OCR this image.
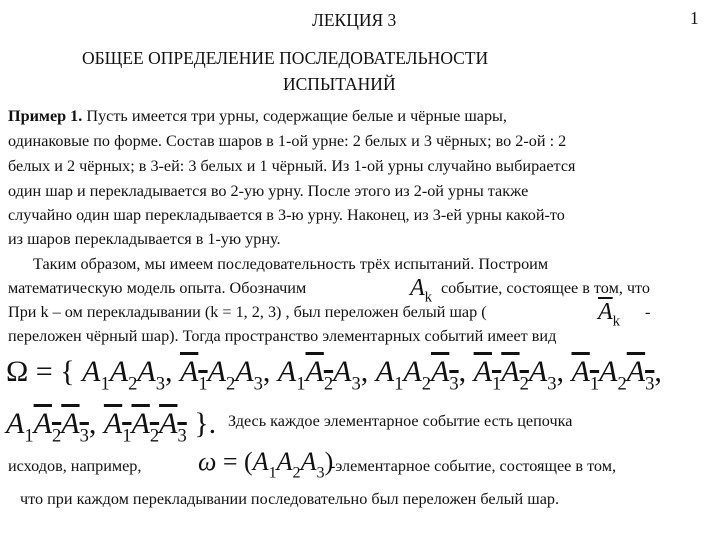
ЛЕКЦИЯ 3	1
ОБЩЕЕ ОПРЕДЕЛЕНИЕ ПОСЛЕДОВАТЕЛЬНОСТИ
ИСПЫТАНИЙ
Пример 1. Пусть имеется три урны, содержащие белые и чёрные шары,
одинаковые по форме. Состав шаров в 1-ой урне: 2 белых и 3 чёрных; во 2-ой : 2
белых и 2 чёрных; в 3-ей: 3 белых и 1 чёрный. Из 1-ой урны случайно выбирается
один шар и перекладывается во 2-ую урну. После этого из 2-ой урны также
случайно один шар перекладывается в 3-ю урну. Наконец, из 3-ей урны какой-то
из шаров перекладывается в 1-ую урну.
Таким образом, мы имеем последовательность трёх испытаний. Построим
математическую модель опыта. Обозначим	$A_k$
событие, состоящее в том, что
При k – ом перекладывании (k = 1, 2, 3) , был переложен белый шар (	$\overline{A}_k$
-
переложен чёрный шар). Тогда пространство элементарных событий имеет вид
Ω = { $A_1A_2A_3$, $A_1A_2A_3$, $A_1A_2A_3$, $A_1A_2A_3$, $A_1A_2A_3$, $A_1A_2A_3$,
$A_1A_2A_3$, $A_1A_2A_3$ }. Здесь каждое элементарное событие есть цепочка
исходов, например, $\omega = (A_1A_2A_3)$
-элементарное событие, состоящее в том,
что при каждом перекладывании последовательно был переложен белый шар.
